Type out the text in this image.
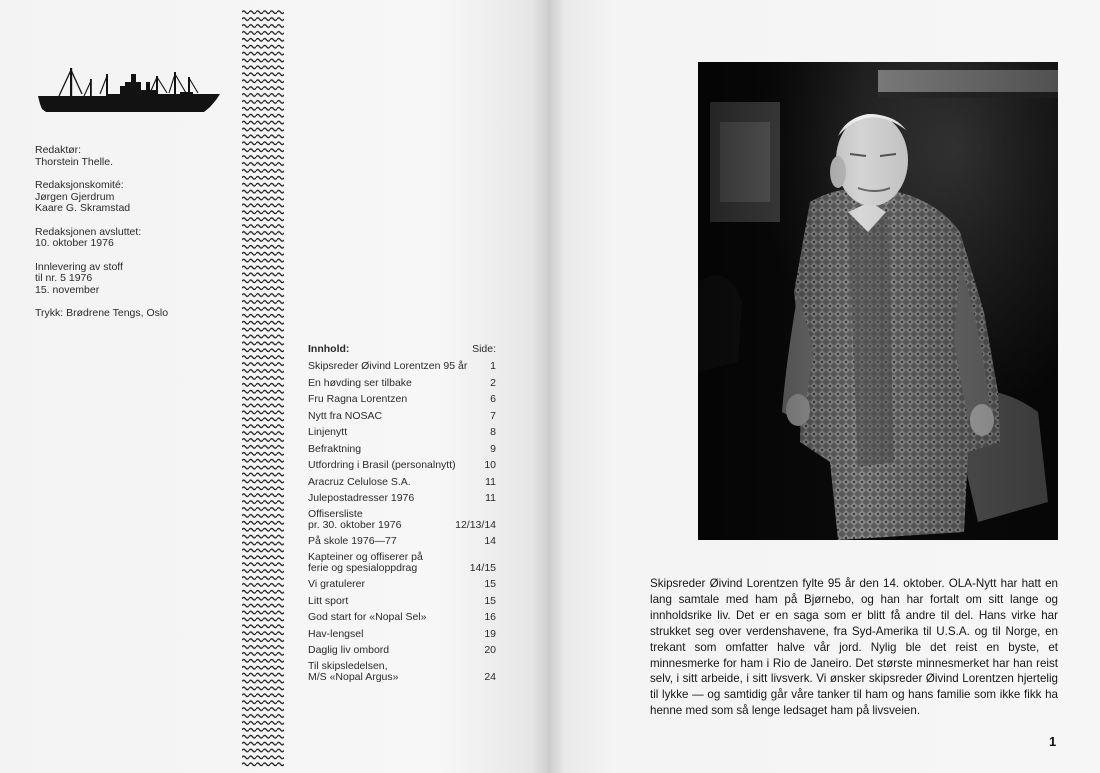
Redaktør:
Thorstein Thelle.
Redaksjonskomité:
Jørgen Gjerdrum
Kaare G. Skramstad
Redaksjonen avsluttet:
10. oktober 1976
Innlevering av stoff
til nr. 5 1976
15. november
Trykk: Brødrene Tengs, Oslo
Innhold:	Side:
Skipsreder Øivind Lorentzen 95 år	1
En høvding ser tilbake	2
Fru Ragna Lorentzen	6
Nytt fra NOSAC	7
Linjenytt	8
Befraktning	9
Utfordring i Brasil (personalnytt)	10
Aracruz Celulose S.A.	11
Julepostadresser 1976	11
Offisersliste
pr. 30. oktober 1976	12/13/14
På skole 1976—77	14
Kapteiner og offiserer på
ferie og spesialoppdrag	14/15
Vi gratulerer	15
Litt sport	15
God start for «Nopal Sel»	16
Hav-lengsel	19
Daglig liv ombord	20
Til skipsledelsen,
M/S «Nopal Argus»	24
Skipsreder Øivind Lorentzen fylte 95 år den 14. oktober. OLA-Nytt har hatt en lang samtale med ham på Bjørnebo, og han har fortalt om sitt lange og innholdsrike liv. Det er en saga som er blitt få andre til del. Hans virke har strukket seg over verdenshavene, fra Syd-Amerika til U.S.A. og til Norge, en trekant som omfatter halve vår jord. Nylig ble det reist en byste, et minnesmerke for ham i Rio de Janeiro. Det største minnesmerket har han reist selv, i sitt arbeide, i sitt livsverk. Vi ønsker skipsreder Øivind Lorentzen hjertelig til lykke — og samtidig går våre tanker til ham og hans familie som ikke fikk ha henne med som så lenge ledsaget ham på livsveien.
1
